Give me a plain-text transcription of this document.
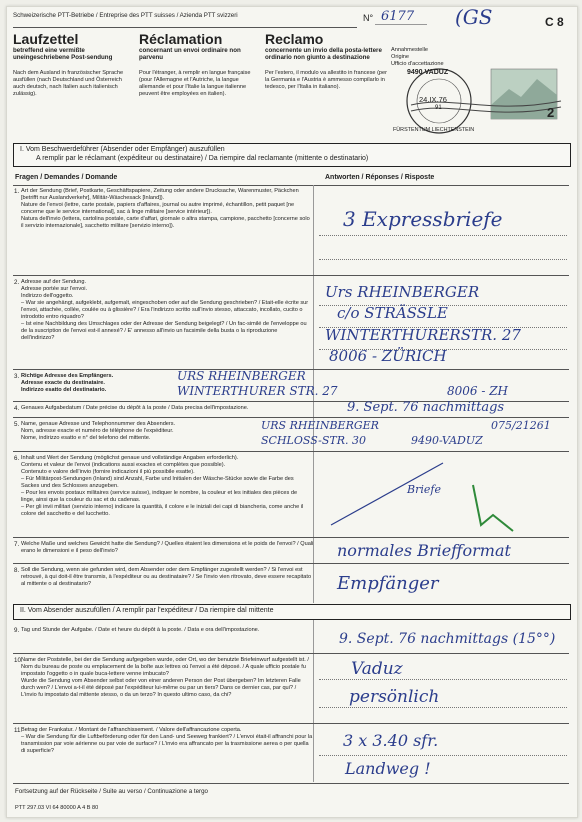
Schweizerische PTT-Betriebe / Entreprise des PTT suisses / Azienda PTT svizzeri	N° 6177 (GS	C 8
Laufzettel
betreffend eine vermißte uneingeschriebene Post-sendung
Nach dem Ausland in französischer Sprache ausfüllen (nach Deutschland und Österreich auch deutsch, nach Italien auch italienisch zulässig).
Réclamation
concernant un envoi ordinaire non parvenu
Pour l'étranger, à remplir en langue française (pour l'Allemagne et l'Autriche, la langue allemande et pour l'Italie la langue italienne peuvent être employées en italien).
Reclamo
concernente un invio della posta-lettere ordinario non giunto a destinazione
Per l'estero, il modulo va allestito in francese (per la Germania e l'Austria è ammesso compilarlo in tedesco, per l'Italia in italiano).
Annahmestelle
Origine
Ufficio d'accettazione
9490 VADUZ
24.IX.76
91
FÜRSTENTUM LIECHTENSTEIN
2
I. Vom Beschwerdeführer (Absender oder Empfänger) auszufüllen
A remplir par le réclamant (expéditeur ou destinataire) / Da riempire dal reclamante (mittente o destinatario)
Fragen / Demandes / Domande	Antworten / Réponses / Risposte
1. Art der Sendung (Brief, Postkarte, Geschäftspapiere, Zeitung oder andere Drucksache, Warenmuster, Päckchen [betrifft nur Auslandverkehr], Militär-Wäschesack [Inland]).
Nature de l'envoi (lettre, carte postale, papiers d'affaires, journal ou autre imprimé, échantillon, petit paquet [ne concerne que le service international], sac à linge militaire [service intérieur]).
Natura dell'invio (lettera, cartolina postale, carte d'affari, giornale o altra stampa, campione, pacchetto [concerne solo il servizio internazionale], sacchetto militare [servizio interno]).	3 Expressbriefe
2. Adresse auf der Sendung.
Adresse portée sur l'envoi.
Indirizzo dell'oggetto.
– War sie angehängt, aufgeklebt, aufgemalt, eingeschoben oder auf die Sendung geschrieben? / Etait-elle écrite sur l'envoi, attachée, collée, coulée ou à glissière? / Era l'indirizzo scritto sull'invio stesso, attaccato, incollato, cucito o introdotto entro riquadro?
– Ist eine Nachbildung des Umschlages oder der Adresse der Sendung beigelegt? / Un fac-similé de l'enveloppe ou de la suscription de l'envoi est-il annexé? / E' annesso all'invio un facsimile della busta o la riproduzione dell'indirizzo?
Urs RHEINBERGER
c/o STRÄSSLE
WINTERTHURERSTR. 27
8006 - ZÜRICH
3. Richtige Adresse des Empfängers.
Adresse exacte du destinataire.
Indirizzo esatto del destinatario.
URS RHEINBERGER
WINTERTHURER STR. 27	8006 - ZH
4. Genaues Aufgabedatum / Date précise du dépôt à la poste / Data precisa dell'impostazione.	9. Sept. 76 nachmittags
5. Name, genaue Adresse und Telephonnummer des Absenders.
Nom, adresse exacte et numéro de téléphone de l'expéditeur.
Nome, indirizzo esatto e n° del telefono del mittente.
URS RHEINBERGER	075/21261
SCHLOSS-STR. 30	9490-VADUZ
6. Inhalt und Wert der Sendung (möglichst genaue und vollständige Angaben erforderlich).
Contenu et valeur de l'envoi (indications aussi exactes et complètes que possible).
Contenuto e valore dell'invio (fornire indicazioni il più possibile esatte).
– Für Militärpost-Sendungen (Inland) sind Anzahl, Farbe und Initialen der Wäsche-Stücke sowie die Farbe des Sackes und des Schlosses anzugeben.
– Pour les envois postaux militaires (service suisse), indiquer le nombre, la couleur et les initiales des pièces de linge, ainsi que la couleur du sac et du cadenas.
– Per gli invii militari (servizio interno) indicare la quantità, il colore e le iniziali dei capi di biancheria, come anche il colore del sacchetto e del lucchetto.
Briefe
7. Welche Maße und welches Gewicht hatte die Sendung? / Quelles étaient les dimensions et le poids de l'envoi? / Quali erano le dimensioni e il peso dell'invio?	normales Briefformat
8. Soll die Sendung, wenn sie gefunden wird, dem Absender oder dem Empfänger zugestellt werden? / Si l'envoi est retrouvé, à qui doit-il être transmis, à l'expéditeur ou au destinataire? / Se l'invio vien ritrovato, deve essere recapitato al mittente o al destinatario?	Empfänger
II. Vom Absender auszufüllen / A remplir par l'expéditeur / Da riempire dal mittente
9. Tag und Stunde der Aufgabe. / Date et heure du dépôt à la poste. / Data e ora dell'impostazione.
9. Sept. 76 nachmittags (15°°)
10.
Name der Poststelle, bei der die Sendung aufgegeben wurde, oder Ort, wo der benutzte Briefeinwurf aufgestellt ist. / Nom du bureau de poste ou emplacement de la boîte aux lettres où l'envoi a été déposé. / A quale ufficio postale fu impostato l'oggetto o in quale buca-lettere venne imbucato?
Wurde die Sendung vom Absender selbst oder von einer anderen Person der Post übergeben? Im letzteren Falle durch wen? / L'envoi a-t-il été déposé par l'expéditeur lui-même ou par un tiers? Dans ce dernier cas, par qui? / L'invio fu impostato dal mittente stesso, o da un terzo? In questo ultimo caso, da chi?
Vaduz
persönlich
11.
Betrag der Frankatur. / Montant de l'affranchissement. / Valore dell'affrancazione coperta.
– War die Sendung für die Luftbeförderung oder für den Land- und Seeweg frankiert? / L'envoi était-il affranchi pour la transmission par voie aérienne ou par voie de surface? / L'invio era affrancato per la trasmissione aerea o per quella di superficie?
3 x 3.40 sfr.
Landweg !
Fortsetzung auf der Rückseite / Suite au verso / Continuazione a tergo
PTT 297.03 VI 64 80000 A 4 B 80
